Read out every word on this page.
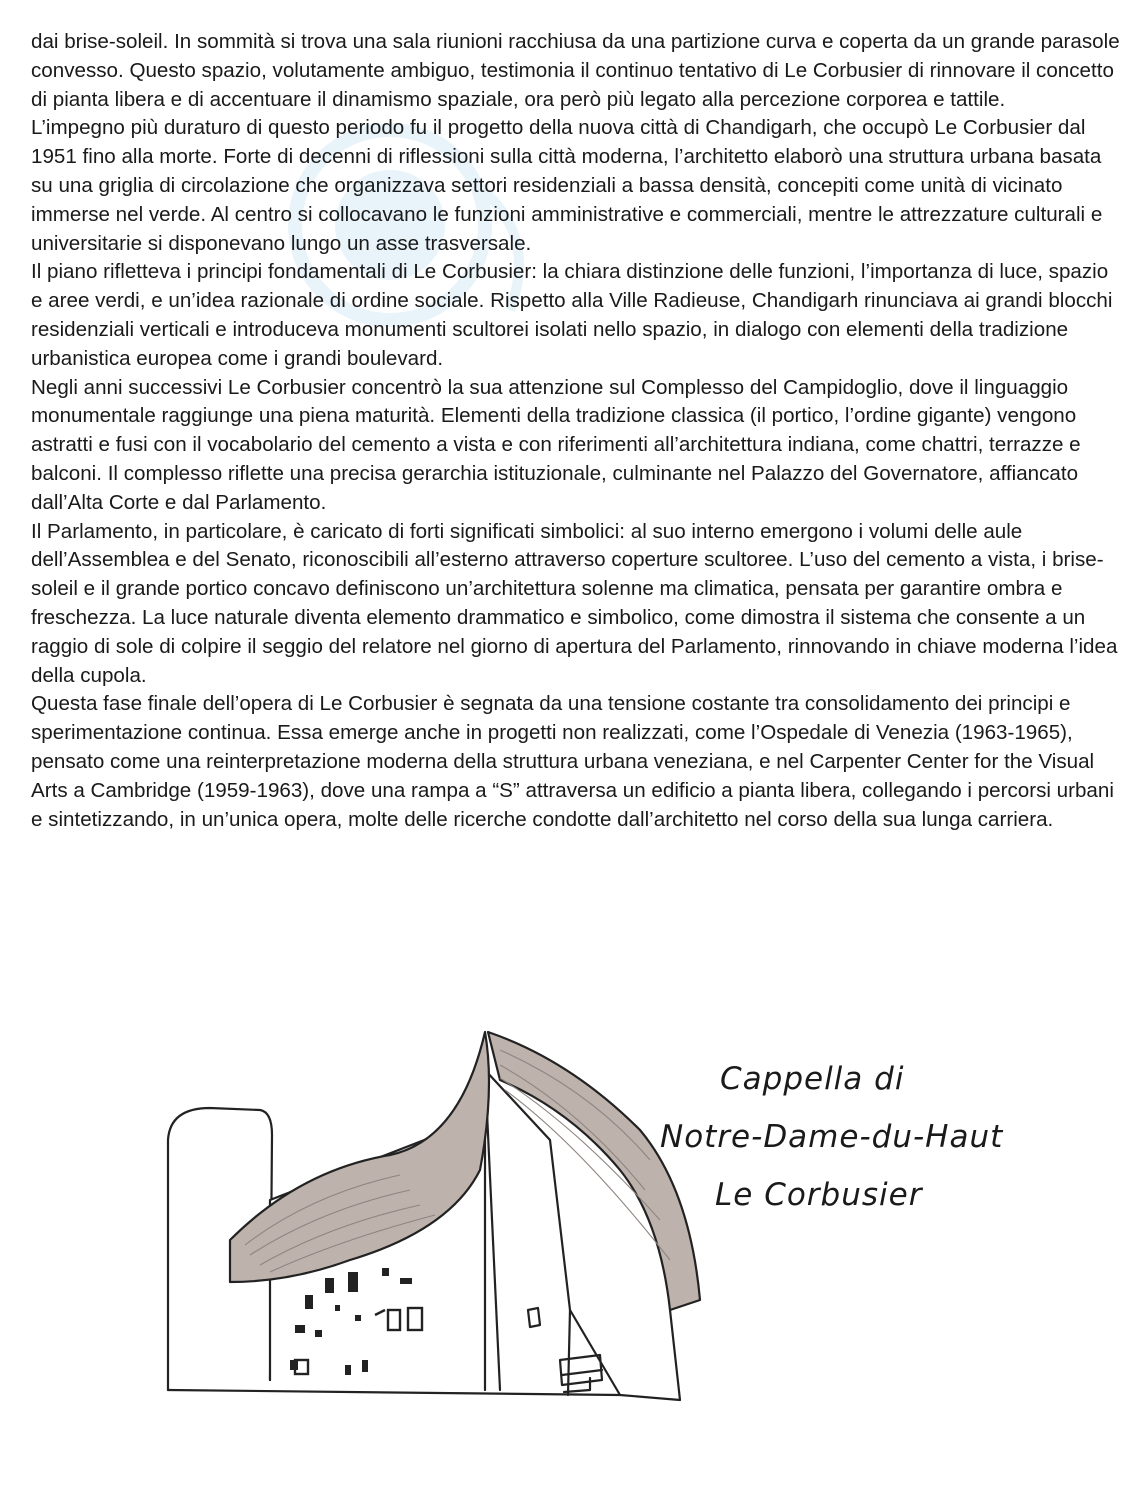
dai brise-soleil. In sommità si trova una sala riunioni racchiusa da una partizione curva e coperta da un grande parasole convesso. Questo spazio, volutamente ambiguo, testimonia il continuo tentativo di Le Corbusier di rinnovare il concetto di pianta libera e di accentuare il dinamismo spaziale, ora però più legato alla percezione corporea e tattile.

L’impegno più duraturo di questo periodo fu il progetto della nuova città di Chandigarh, che occupò Le Corbusier dal 1951 fino alla morte. Forte di decenni di riflessioni sulla città moderna, l’architetto elaborò una struttura urbana basata su una griglia di circolazione che organizzava settori residenziali a bassa densità, concepiti come unità di vicinato immerse nel verde. Al centro si collocavano le funzioni amministrative e commerciali, mentre le attrezzature culturali e universitarie si disponevano lungo un asse trasversale.

Il piano rifletteva i principi fondamentali di Le Corbusier: la chiara distinzione delle funzioni, l’importanza di luce, spazio e aree verdi, e un’idea razionale di ordine sociale. Rispetto alla Ville Radieuse, Chandigarh rinunciava ai grandi blocchi residenziali verticali e introduceva monumenti scultorei isolati nello spazio, in dialogo con elementi della tradizione urbanistica europea come i grandi boulevard.

Negli anni successivi Le Corbusier concentrò la sua attenzione sul Complesso del Campidoglio, dove il linguaggio monumentale raggiunge una piena maturità. Elementi della tradizione classica (il portico, l’ordine gigante) vengono astratti e fusi con il vocabolario del cemento a vista e con riferimenti all’architettura indiana, come chattri, terrazze e balconi. Il complesso riflette una precisa gerarchia istituzionale, culminante nel Palazzo del Governatore, affiancato dall’Alta Corte e dal Parlamento.

Il Parlamento, in particolare, è caricato di forti significati simbolici: al suo interno emergono i volumi delle aule dell’Assemblea e del Senato, riconoscibili all’esterno attraverso coperture scultoree. L’uso del cemento a vista, i brise-soleil e il grande portico concavo definiscono un’architettura solenne ma climatica, pensata per garantire ombra e freschezza. La luce naturale diventa elemento drammatico e simbolico, come dimostra il sistema che consente a un raggio di sole di colpire il seggio del relatore nel giorno di apertura del Parlamento, rinnovando in chiave moderna l’idea della cupola.

Questa fase finale dell’opera di Le Corbusier è segnata da una tensione costante tra consolidamento dei principi e sperimentazione continua. Essa emerge anche in progetti non realizzati, come l’Ospedale di Venezia (1963-1965), pensato come una reinterpretazione moderna della struttura urbana veneziana, e nel Carpenter Center for the Visual Arts a Cambridge (1959-1963), dove una rampa a “S” attraversa un edificio a pianta libera, collegando i percorsi urbani e sintetizzando, in un’unica opera, molte delle ricerche condotte dall’architetto nel corso della sua lunga carriera.

Cappella di
Notre-Dame-du-Haut
Le Corbusier
